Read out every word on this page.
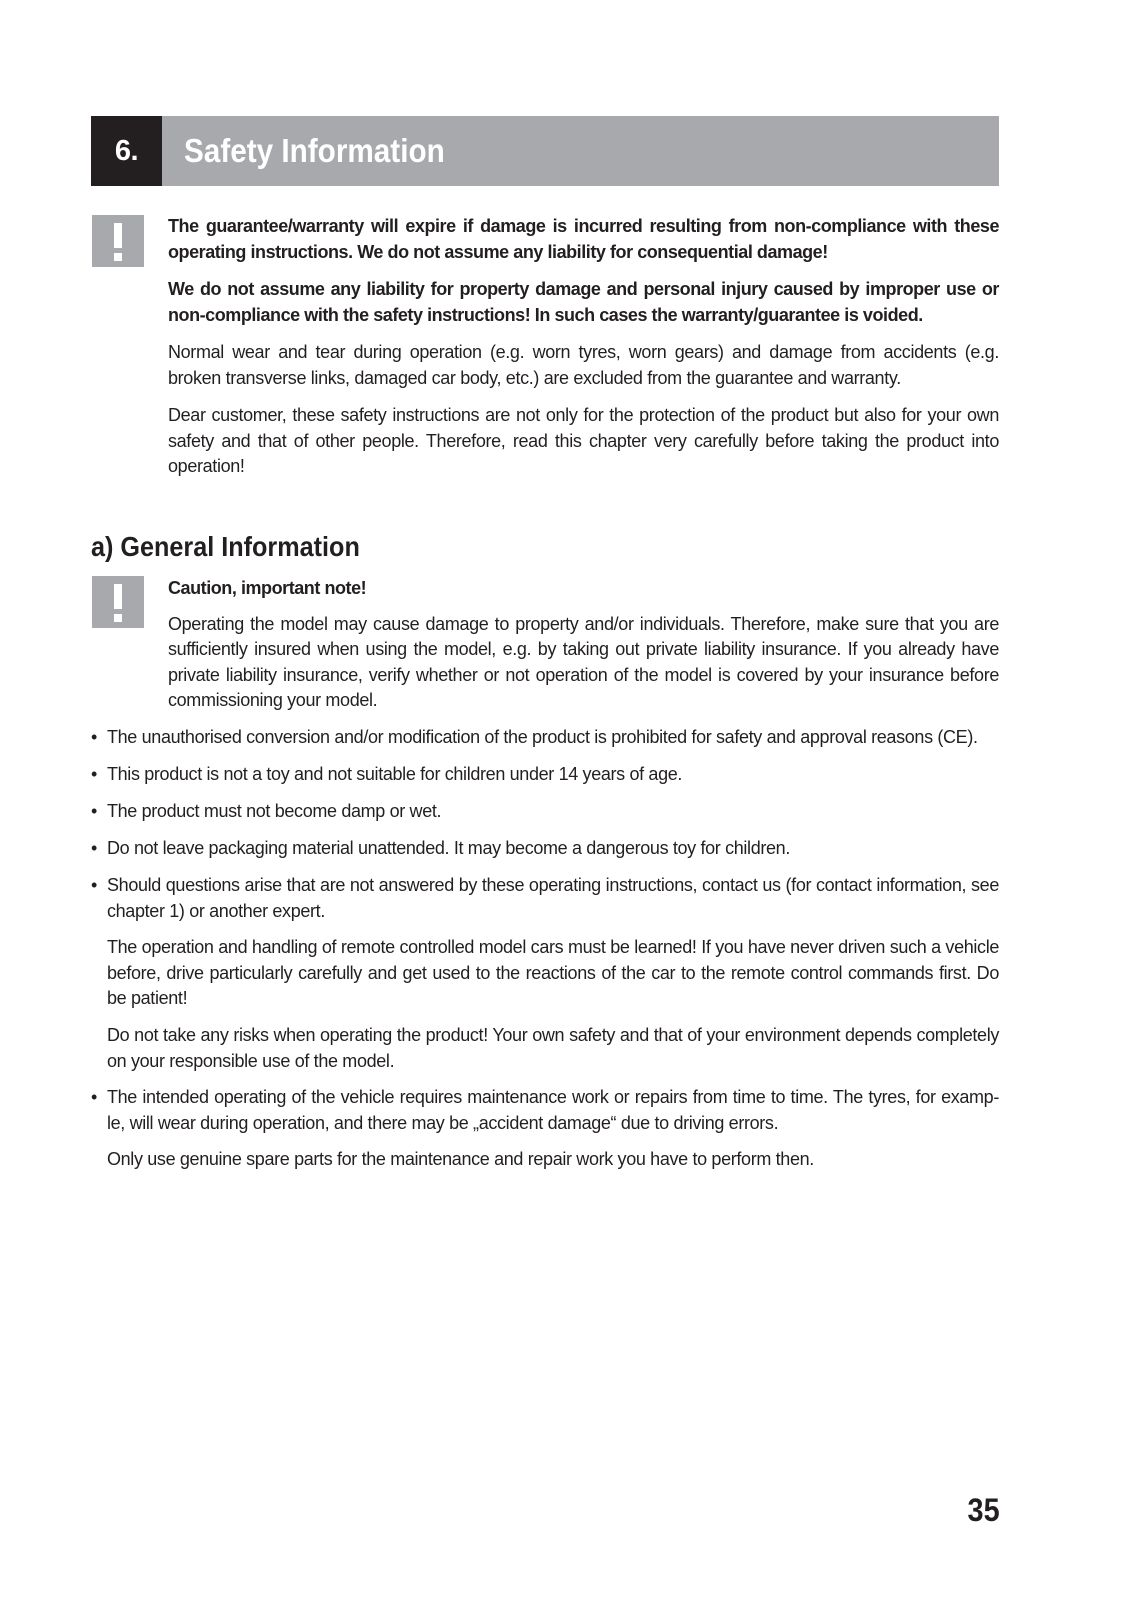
6.	Safety Information

The guarantee/warranty will expire if damage is incurred resulting from non-compliance with these operating instructions. We do not assume any liability for consequential damage!

We do not assume any liability for property damage and personal injury caused by improper use or non-compliance with the safety instructions! In such cases the warranty/guarantee is voided.

Normal wear and tear during operation (e.g. worn tyres, worn gears) and damage from accidents (e.g. broken transverse links, damaged car body, etc.) are excluded from the guarantee and warranty.

Dear customer, these safety instructions are not only for the protection of the product but also for your own safety and that of other people. Therefore, read this chapter very carefully before taking the product into operation!

a) General Information

Caution, important note!

Operating the model may cause damage to property and/or individuals. Therefore, make sure that you are sufficiently insured when using the model, e.g. by taking out private liability insurance. If you already have private liability insurance, verify whether or not operation of the model is covered by your insurance before commissioning your model.

• The unauthorised conversion and/or modification of the product is prohibited for safety and approval reasons (CE).
• This product is not a toy and not suitable for children under 14 years of age.
• The product must not become damp or wet.
• Do not leave packaging material unattended. It may become a dangerous toy for children.
• Should questions arise that are not answered by these operating instructions, contact us (for contact information, see chapter 1) or another expert.

The operation and handling of remote controlled model cars must be learned! If you have never driven such a vehicle before, drive particularly carefully and get used to the reactions of the car to the remote control commands first. Do be patient!

Do not take any risks when operating the product! Your own safety and that of your environment depends completely on your responsible use of the model.

• The intended operating of the vehicle requires maintenance work or repairs from time to time. The tyres, for examp-le, will wear during operation, and there may be „accident damage“ due to driving errors.

Only use genuine spare parts for the maintenance and repair work you have to perform then.

35
